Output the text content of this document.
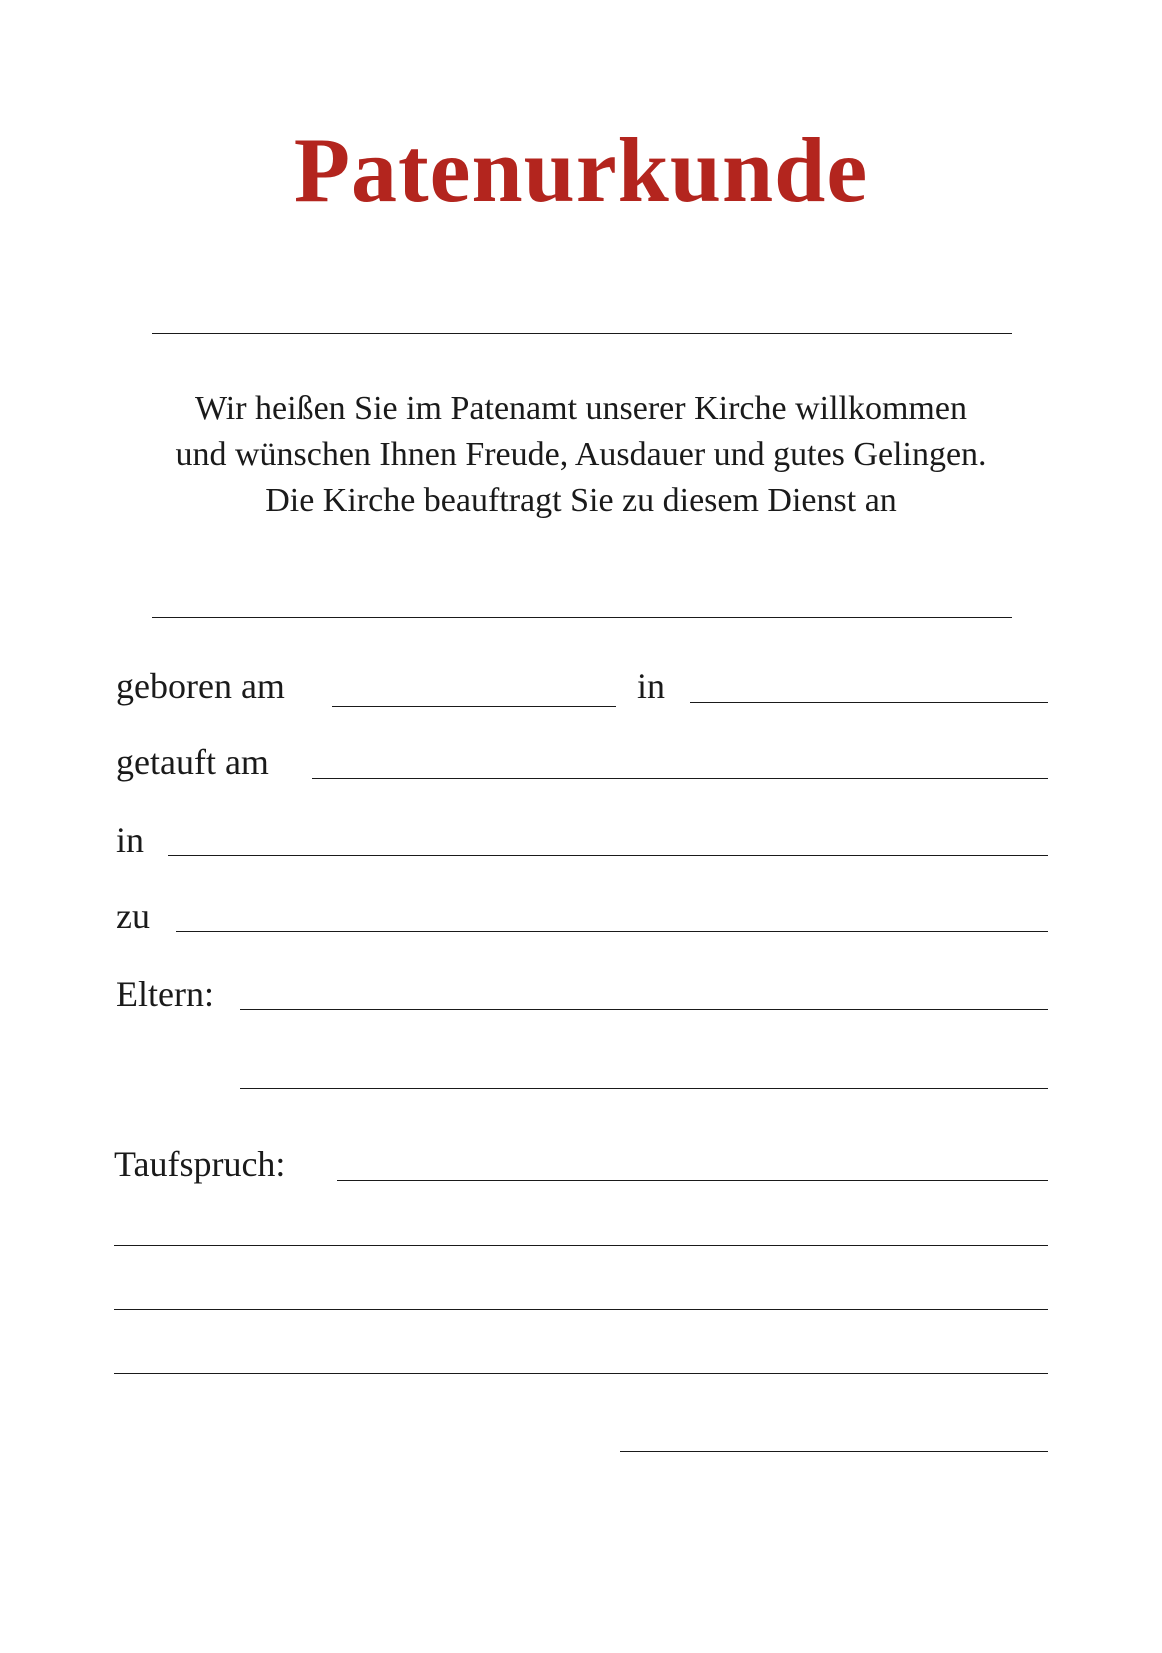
Patenurkunde
Wir heißen Sie im Patenamt unserer Kirche willkommen
und wünschen Ihnen Freude, Ausdauer und gutes Gelingen.
Die Kirche beauftragt Sie zu diesem Dienst an
geboren am	in
getauft am
in
zu
Eltern:
Taufspruch:
